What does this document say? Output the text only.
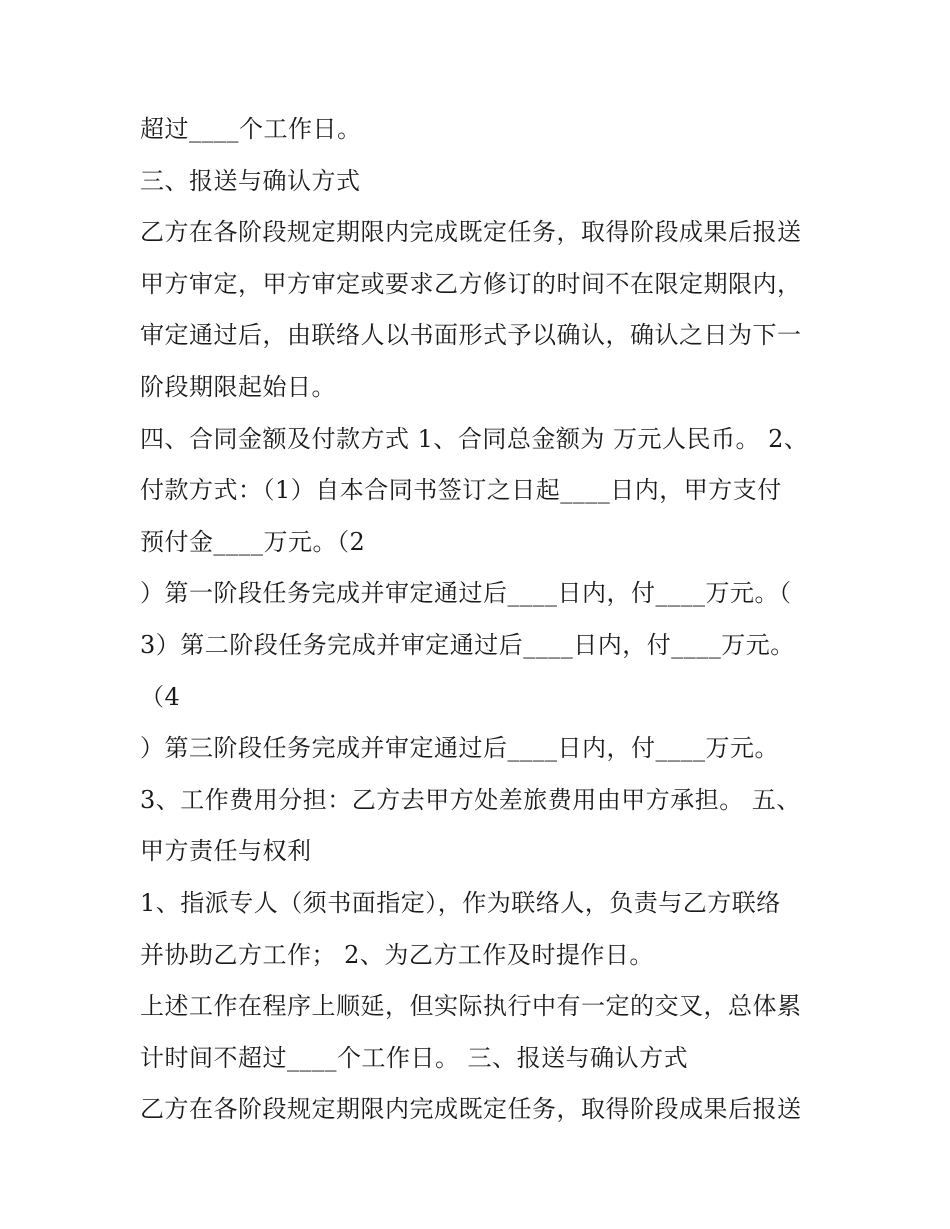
超过____个工作日。
三、报送与确认方式
乙方在各阶段规定期限内完成既定任务，取得阶段成果后报送
甲方审定，甲方审定或要求乙方修订的时间不在限定期限内，
审定通过后，由联络人以书面形式予以确认，确认之日为下一
阶段期限起始日。
四、合同金额及付款方式 1、合同总金额为 万元人民币。 2、
付款方式：（1）自本合同书签订之日起____日内，甲方支付
预付金____万元。（2
）第一阶段任务完成并审定通过后____日内，付____万元。（
3）第二阶段任务完成并审定通过后____日内，付____万元。
（4
）第三阶段任务完成并审定通过后____日内，付____万元。
3、工作费用分担：乙方去甲方处差旅费用由甲方承担。 五、
甲方责任与权利
1、指派专人（须书面指定），作为联络人，负责与乙方联络
并协助乙方工作； 2、为乙方工作及时提作日。
上述工作在程序上顺延，但实际执行中有一定的交叉，总体累
计时间不超过____个工作日。 三、报送与确认方式
乙方在各阶段规定期限内完成既定任务，取得阶段成果后报送
